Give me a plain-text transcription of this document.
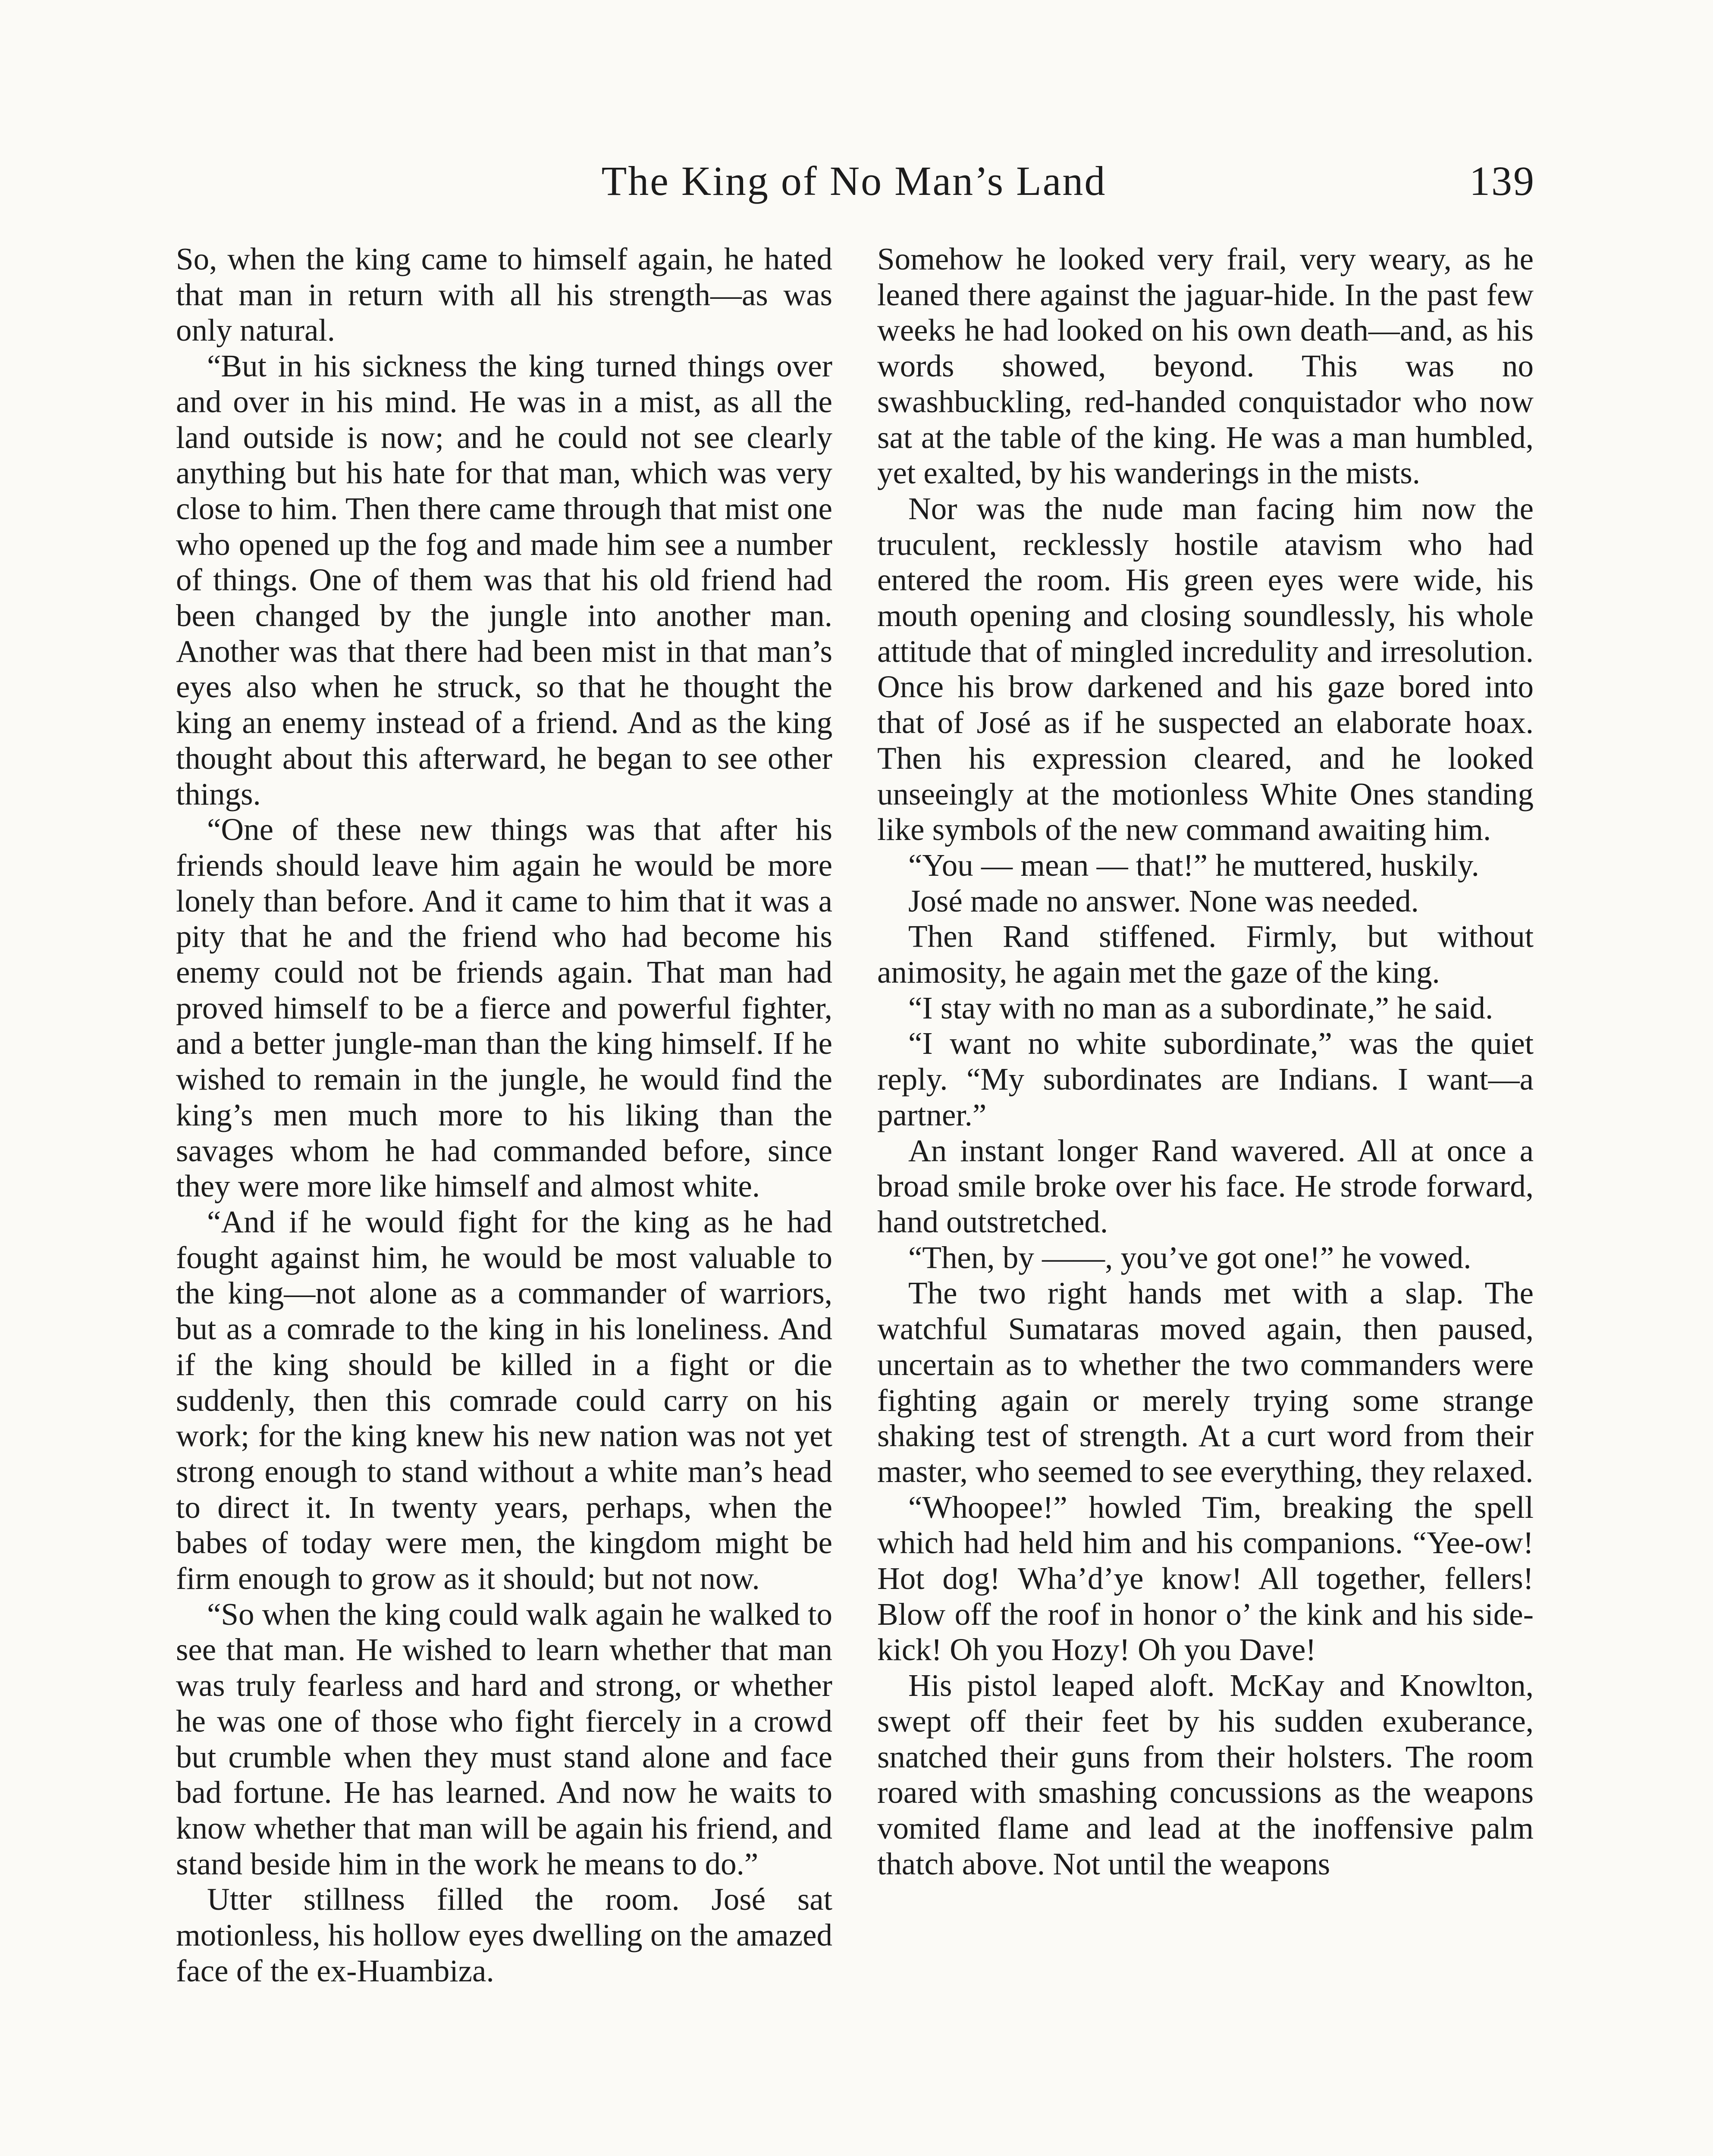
The King of No Man’s Land	139

So, when the king came to himself again, he hated that man in return with all his strength—as was only natural.

“But in his sickness the king turned things over and over in his mind. He was in a mist, as all the land outside is now; and he could not see clearly anything but his hate for that man, which was very close to him. Then there came through that mist one who opened up the fog and made him see a number of things. One of them was that his old friend had been changed by the jungle into another man. Another was that there had been mist in that man’s eyes also when he struck, so that he thought the king an enemy instead of a friend. And as the king thought about this afterward, he began to see other things.

“One of these new things was that after his friends should leave him again he would be more lonely than before. And it came to him that it was a pity that he and the friend who had become his enemy could not be friends again. That man had proved himself to be a fierce and powerful fighter, and a better jungle-man than the king himself. If he wished to remain in the jungle, he would find the king’s men much more to his liking than the savages whom he had commanded before, since they were more like himself and almost white.

“And if he would fight for the king as he had fought against him, he would be most valuable to the king—not alone as a commander of warriors, but as a comrade to the king in his loneliness. And if the king should be killed in a fight or die suddenly, then this comrade could carry on his work; for the king knew his new nation was not yet strong enough to stand without a white man’s head to direct it. In twenty years, perhaps, when the babes of today were men, the kingdom might be firm enough to grow as it should; but not now.

“So when the king could walk again he walked to see that man. He wished to learn whether that man was truly fearless and hard and strong, or whether he was one of those who fight fiercely in a crowd but crumble when they must stand alone and face bad fortune. He has learned. And now he waits to know whether that man will be again his friend, and stand beside him in the work he means to do.”

Utter stillness filled the room. José sat motionless, his hollow eyes dwelling on the amazed face of the ex-Huambiza.

Somehow he looked very frail, very weary, as he leaned there against the jaguar-hide. In the past few weeks he had looked on his own death—and, as his words showed, beyond. This was no swashbuckling, red-handed conquistador who now sat at the table of the king. He was a man humbled, yet exalted, by his wanderings in the mists.

Nor was the nude man facing him now the truculent, recklessly hostile atavism who had entered the room. His green eyes were wide, his mouth opening and closing soundlessly, his whole attitude that of mingled incredulity and irresolution. Once his brow darkened and his gaze bored into that of José as if he suspected an elaborate hoax. Then his expression cleared, and he looked unseeingly at the motionless White Ones standing like symbols of the new command awaiting him.

“You — mean — that!” he muttered, huskily.

José made no answer. None was needed.

Then Rand stiffened. Firmly, but without animosity, he again met the gaze of the king.

“I stay with no man as a subordinate,” he said.

“I want no white subordinate,” was the quiet reply. “My subordinates are Indians. I want—a partner.”

An instant longer Rand wavered. All at once a broad smile broke over his face. He strode forward, hand outstretched.

“Then, by ——, you’ve got one!” he vowed.

The two right hands met with a slap. The watchful Sumataras moved again, then paused, uncertain as to whether the two commanders were fighting again or merely trying some strange shaking test of strength. At a curt word from their master, who seemed to see everything, they relaxed.

“Whoopee!” howled Tim, breaking the spell which had held him and his companions. “Yee-ow! Hot dog! Wha’d’ye know! All together, fellers! Blow off the roof in honor o’ the kink and his side-kick! Oh you Hozy! Oh you Dave!

His pistol leaped aloft. McKay and Knowlton, swept off their feet by his sudden exuberance, snatched their guns from their holsters. The room roared with smashing concussions as the weapons vomited flame and lead at the inoffensive palm thatch above. Not until the weapons
